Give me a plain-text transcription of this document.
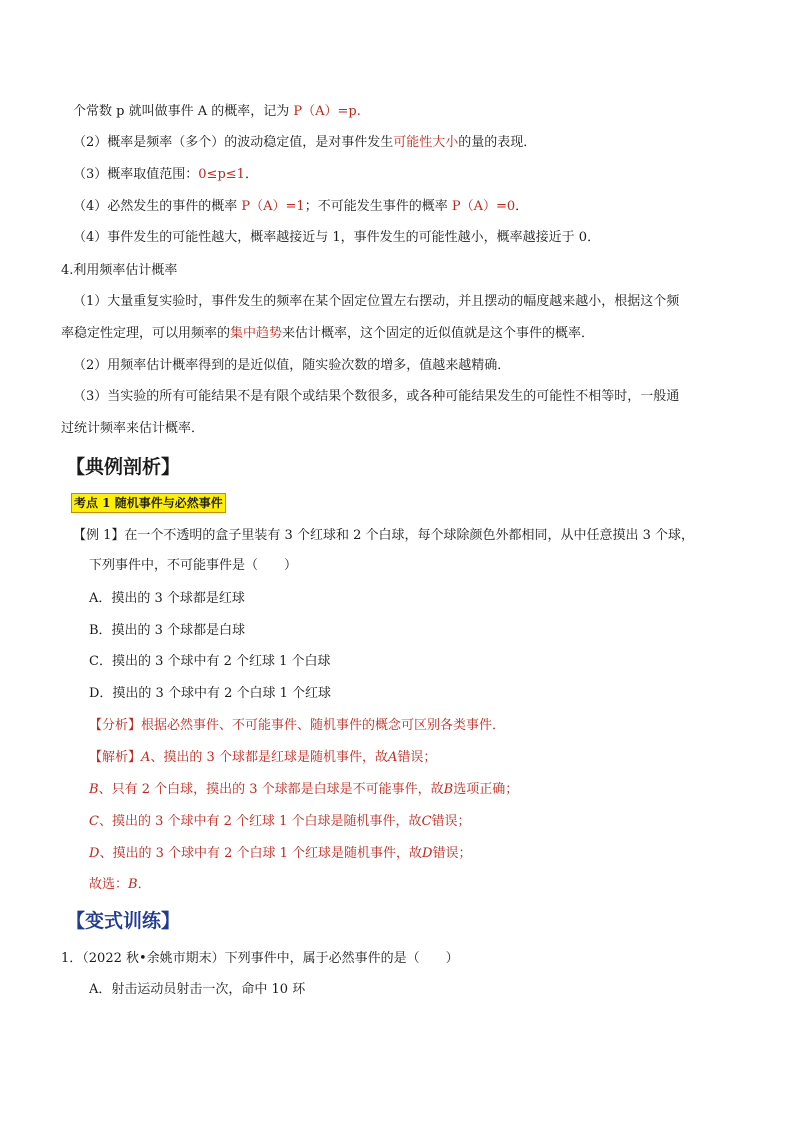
个常数 p 就叫做事件 A 的概率，记为 P（A）=p.
（2）概率是频率（多个）的波动稳定值，是对事件发生可能性大小的量的表现．
（3）概率取值范围：0≤p≤1．
（4）必然发生的事件的概率 P（A）=1；不可能发生事件的概率 P（A）=0．
（4）事件发生的可能性越大，概率越接近与 1，事件发生的可能性越小，概率越接近于 0．
4.利用频率估计概率
（1）大量重复实验时，事件发生的频率在某个固定位置左右摆动，并且摆动的幅度越来越小，根据这个频
率稳定性定理，可以用频率的集中趋势来估计概率，这个固定的近似值就是这个事件的概率．
（2）用频率估计概率得到的是近似值，随实验次数的增多，值越来越精确．
（3）当实验的所有可能结果不是有限个或结果个数很多，或各种可能结果发生的可能性不相等时，一般通
过统计频率来估计概率．
【典例剖析】
考点 1 随机事件与必然事件
【例 1】在一个不透明的盒子里装有 3 个红球和 2 个白球，每个球除颜色外都相同，从中任意摸出 3 个球，
下列事件中，不可能事件是（　　）
A．摸出的 3 个球都是红球
B．摸出的 3 个球都是白球
C．摸出的 3 个球中有 2 个红球 1 个白球
D．摸出的 3 个球中有 2 个白球 1 个红球
【分析】根据必然事件、不可能事件、随机事件的概念可区别各类事件．
【解析】A、摸出的 3 个球都是红球是随机事件，故A错误；
B、只有 2 个白球，摸出的 3 个球都是白球是不可能事件，故B选项正确；
C、摸出的 3 个球中有 2 个红球 1 个白球是随机事件，故C错误；
D、摸出的 3 个球中有 2 个白球 1 个红球是随机事件，故D错误；
故选：B．
【变式训练】
1．（2022 秋•余姚市期末）下列事件中，属于必然事件的是（　　）
A．射击运动员射击一次，命中 10 环
